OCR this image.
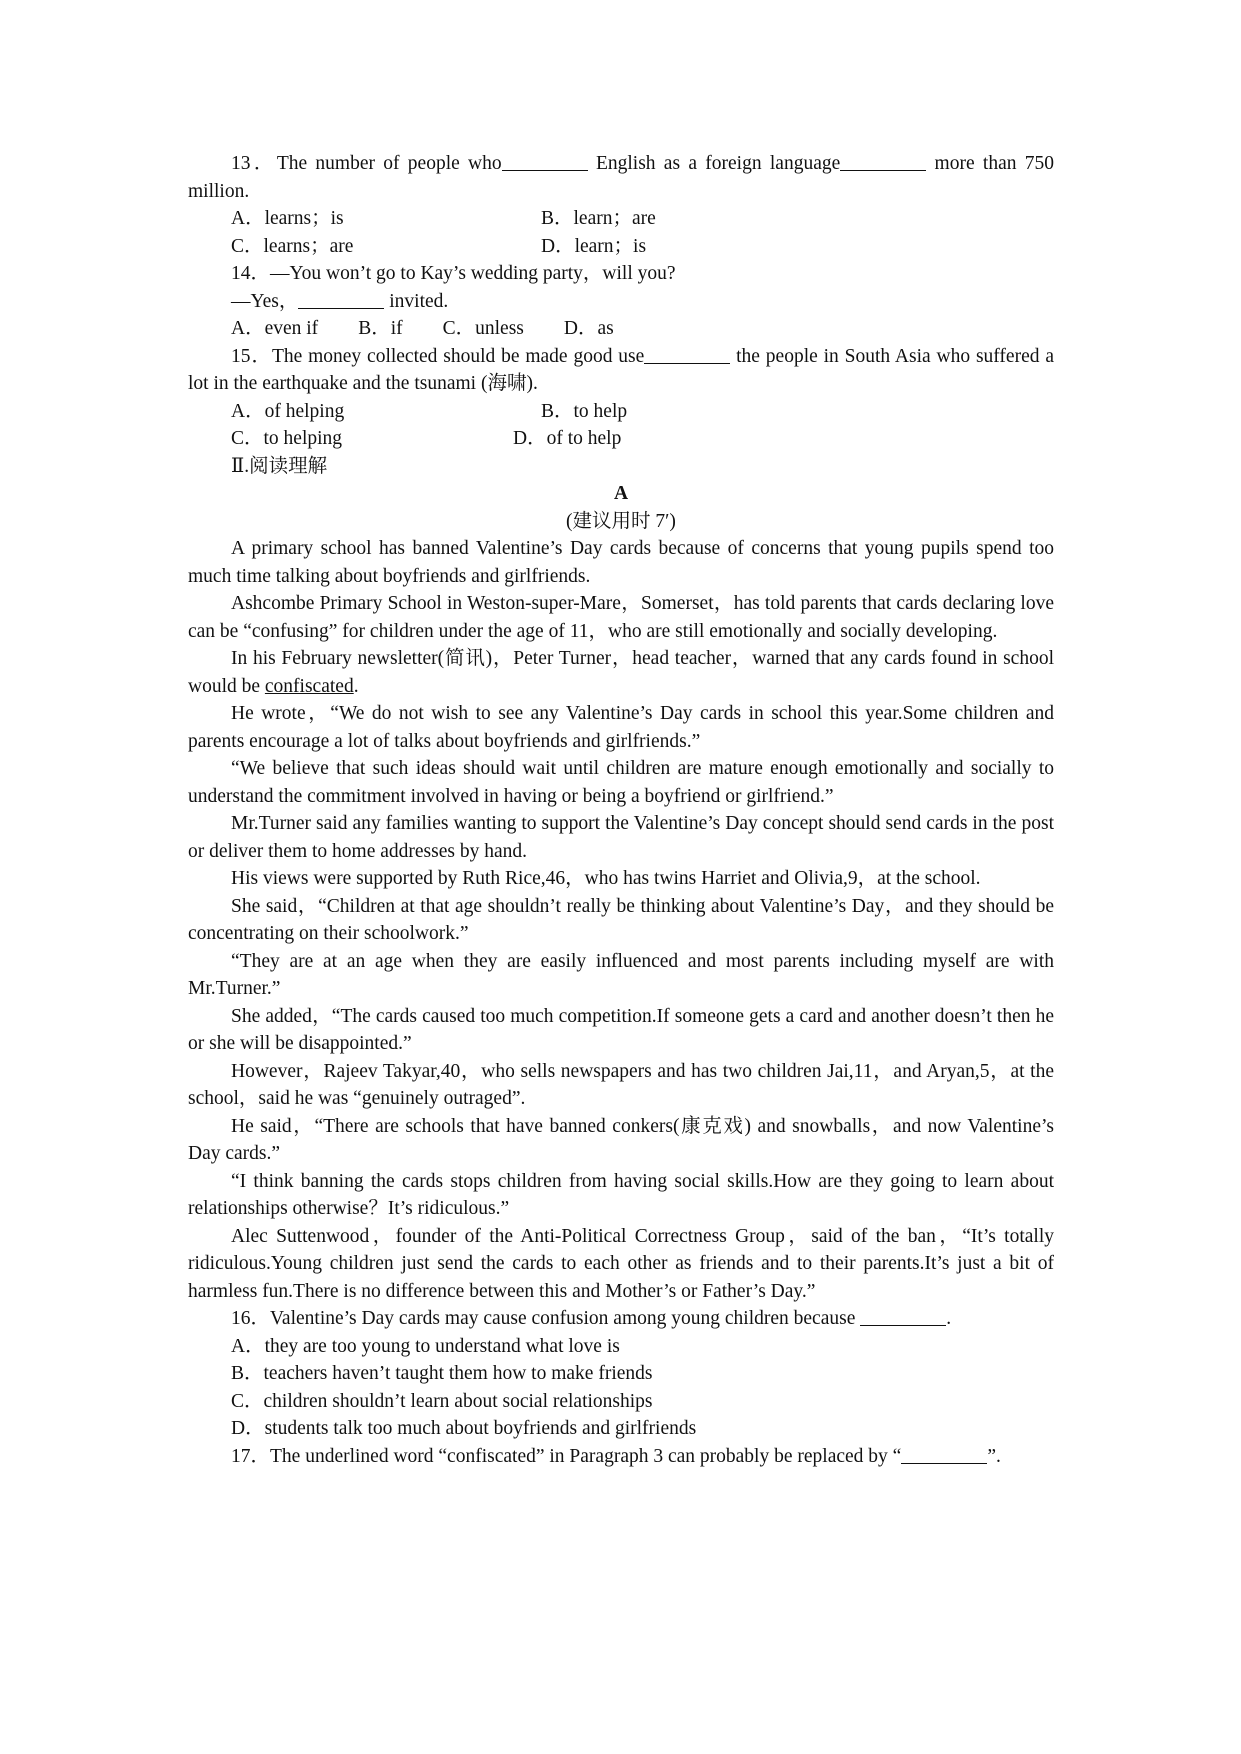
13．The number of people who	English as a foreign language	more than 750 million.

A．learns；is	B．learn；are
C．learns；are	D．learn；is

14．—You won’t go to Kay’s wedding party，will you?

—Yes，	invited.

A．even if B．if C．unless D．as

15．The money collected should be made good use	the people in South Asia who suffered a lot in the earthquake and the tsunami (海啸).

A．of helping	B．to help
C．to helping	D．of to help

Ⅱ.阅读理解

A

(建议用时 7′)

A primary school has banned Valentine’s Day cards because of concerns that young pupils spend too much time talking about boyfriends and girlfriends.

Ashcombe Primary School in Weston-super-Mare，Somerset，has told parents that cards declaring love can be “confusing” for children under the age of 11，who are still emotionally and socially developing.

In his February newsletter(简讯)，Peter Turner，head teacher，warned that any cards found in school would be confiscated.

He wrote，“We do not wish to see any Valentine’s Day cards in school this year.Some children and parents encourage a lot of talks about boyfriends and girlfriends.”

“We believe that such ideas should wait until children are mature enough emotionally and socially to understand the commitment involved in having or being a boyfriend or girlfriend.”

Mr.Turner said any families wanting to support the Valentine’s Day concept should send cards in the post or deliver them to home addresses by hand.

His views were supported by Ruth Rice,46，who has twins Harriet and Olivia,9，at the school.

She said，“Children at that age shouldn’t really be thinking about Valentine’s Day，and they should be concentrating on their schoolwork.”

“They are at an age when they are easily influenced and most parents including myself are with Mr.Turner.”

She added，“The cards caused too much competition.If someone gets a card and another doesn’t then he or she will be disappointed.”

However，Rajeev Takyar,40，who sells newspapers and has two children Jai,11，and Aryan,5，at the school，said he was “genuinely outraged”.

He said，“There are schools that have banned conkers(康克戏) and snowballs，and now Valentine’s Day cards.”

“I think banning the cards stops children from having social skills.How are they going to learn about relationships otherwise？It’s ridiculous.”

Alec Suttenwood，founder of the Anti-Political Correctness Group，said of the ban，“It’s totally ridiculous.Young children just send the cards to each other as friends and to their parents.It’s just a bit of harmless fun.There is no difference between this and Mother’s or Father’s Day.”

16．Valentine’s Day cards may cause confusion among young children because	.

A．they are too young to understand what love is

B．teachers haven’t taught them how to make friends

C．children shouldn’t learn about social relationships

D．students talk too much about boyfriends and girlfriends

17．The underlined word “confiscated” in Paragraph 3 can probably be replaced by “	”.
